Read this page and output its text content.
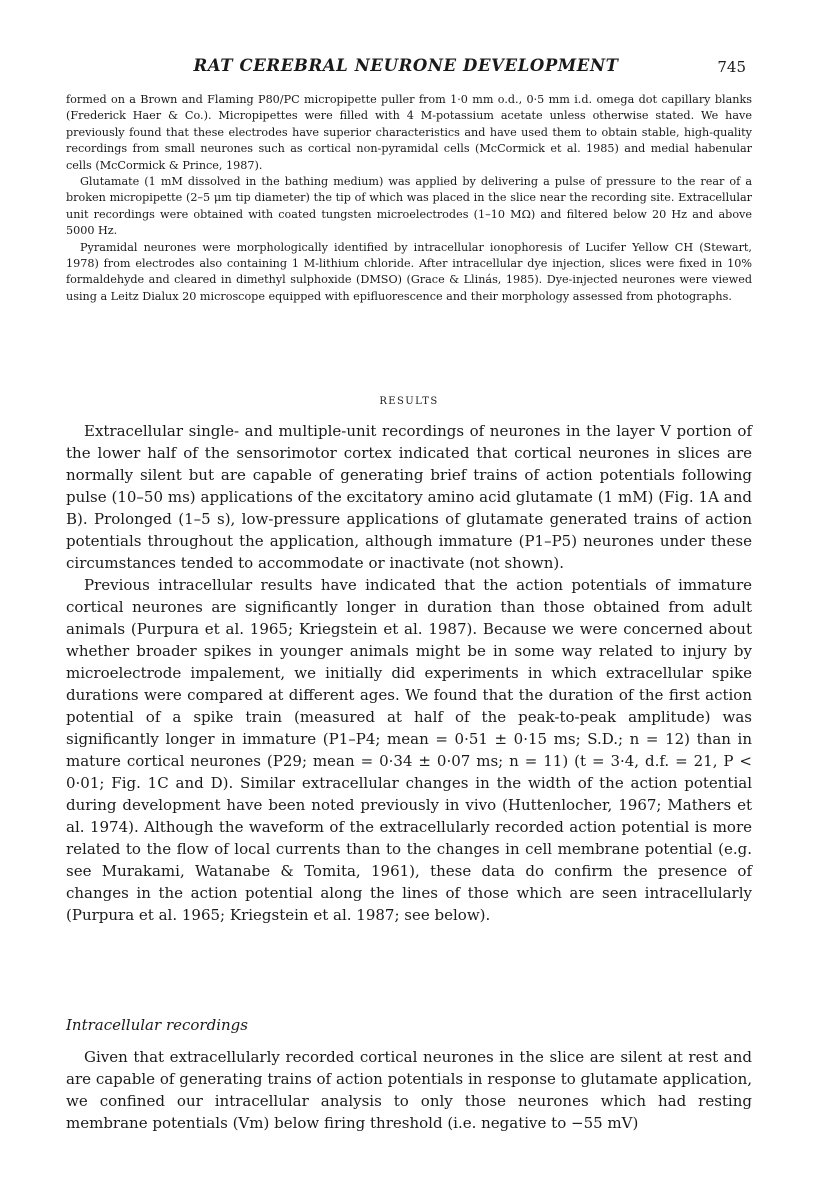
RAT CEREBRAL NEURONE DEVELOPMENT	745

formed on a Brown and Flaming P80/PC micropipette puller from 1·0 mm o.d., 0·5 mm i.d. omega dot capillary blanks (Frederick Haer & Co.). Micropipettes were filled with 4 M-potassium acetate unless otherwise stated. We have previously found that these electrodes have superior characteristics and have used them to obtain stable, high-quality recordings from small neurones such as cortical non-pyramidal cells (McCormick et al. 1985) and medial habenular cells (McCormick & Prince, 1987).

Glutamate (1 mM dissolved in the bathing medium) was applied by delivering a pulse of pressure to the rear of a broken micropipette (2–5 μm tip diameter) the tip of which was placed in the slice near the recording site. Extracellular unit recordings were obtained with coated tungsten microelectrodes (1–10 MΩ) and filtered below 20 Hz and above 5000 Hz.

Pyramidal neurones were morphologically identified by intracellular ionophoresis of Lucifer Yellow CH (Stewart, 1978) from electrodes also containing 1 M-lithium chloride. After intracellular dye injection, slices were fixed in 10% formaldehyde and cleared in dimethyl sulphoxide (DMSO) (Grace & Llinás, 1985). Dye-injected neurones were viewed using a Leitz Dialux 20 microscope equipped with epifluorescence and their morphology assessed from photographs.

RESULTS

Extracellular single- and multiple-unit recordings of neurones in the layer V portion of the lower half of the sensorimotor cortex indicated that cortical neurones in slices are normally silent but are capable of generating brief trains of action potentials following pulse (10–50 ms) applications of the excitatory amino acid glutamate (1 mM) (Fig. 1A and B). Prolonged (1–5 s), low-pressure applications of glutamate generated trains of action potentials throughout the application, although immature (P1–P5) neurones under these circumstances tended to accommodate or inactivate (not shown).

Previous intracellular results have indicated that the action potentials of immature cortical neurones are significantly longer in duration than those obtained from adult animals (Purpura et al. 1965; Kriegstein et al. 1987). Because we were concerned about whether broader spikes in younger animals might be in some way related to injury by microelectrode impalement, we initially did experiments in which extracellular spike durations were compared at different ages. We found that the duration of the first action potential of a spike train (measured at half of the peak-to-peak amplitude) was significantly longer in immature (P1–P4; mean = 0·51 ± 0·15 ms; S.D.; n = 12) than in mature cortical neurones (P29; mean = 0·34 ± 0·07 ms; n = 11) (t = 3·4, d.f. = 21, P < 0·01; Fig. 1C and D). Similar extracellular changes in the width of the action potential during development have been noted previously in vivo (Huttenlocher, 1967; Mathers et al. 1974). Although the waveform of the extracellularly recorded action potential is more related to the flow of local currents than to the changes in cell membrane potential (e.g. see Murakami, Watanabe & Tomita, 1961), these data do confirm the presence of changes in the action potential along the lines of those which are seen intracellularly (Purpura et al. 1965; Kriegstein et al. 1987; see below).

Intracellular recordings

Given that extracellularly recorded cortical neurones in the slice are silent at rest and are capable of generating trains of action potentials in response to glutamate application, we confined our intracellular analysis to only those neurones which had resting membrane potentials (Vm) below firing threshold (i.e. negative to −55 mV)
